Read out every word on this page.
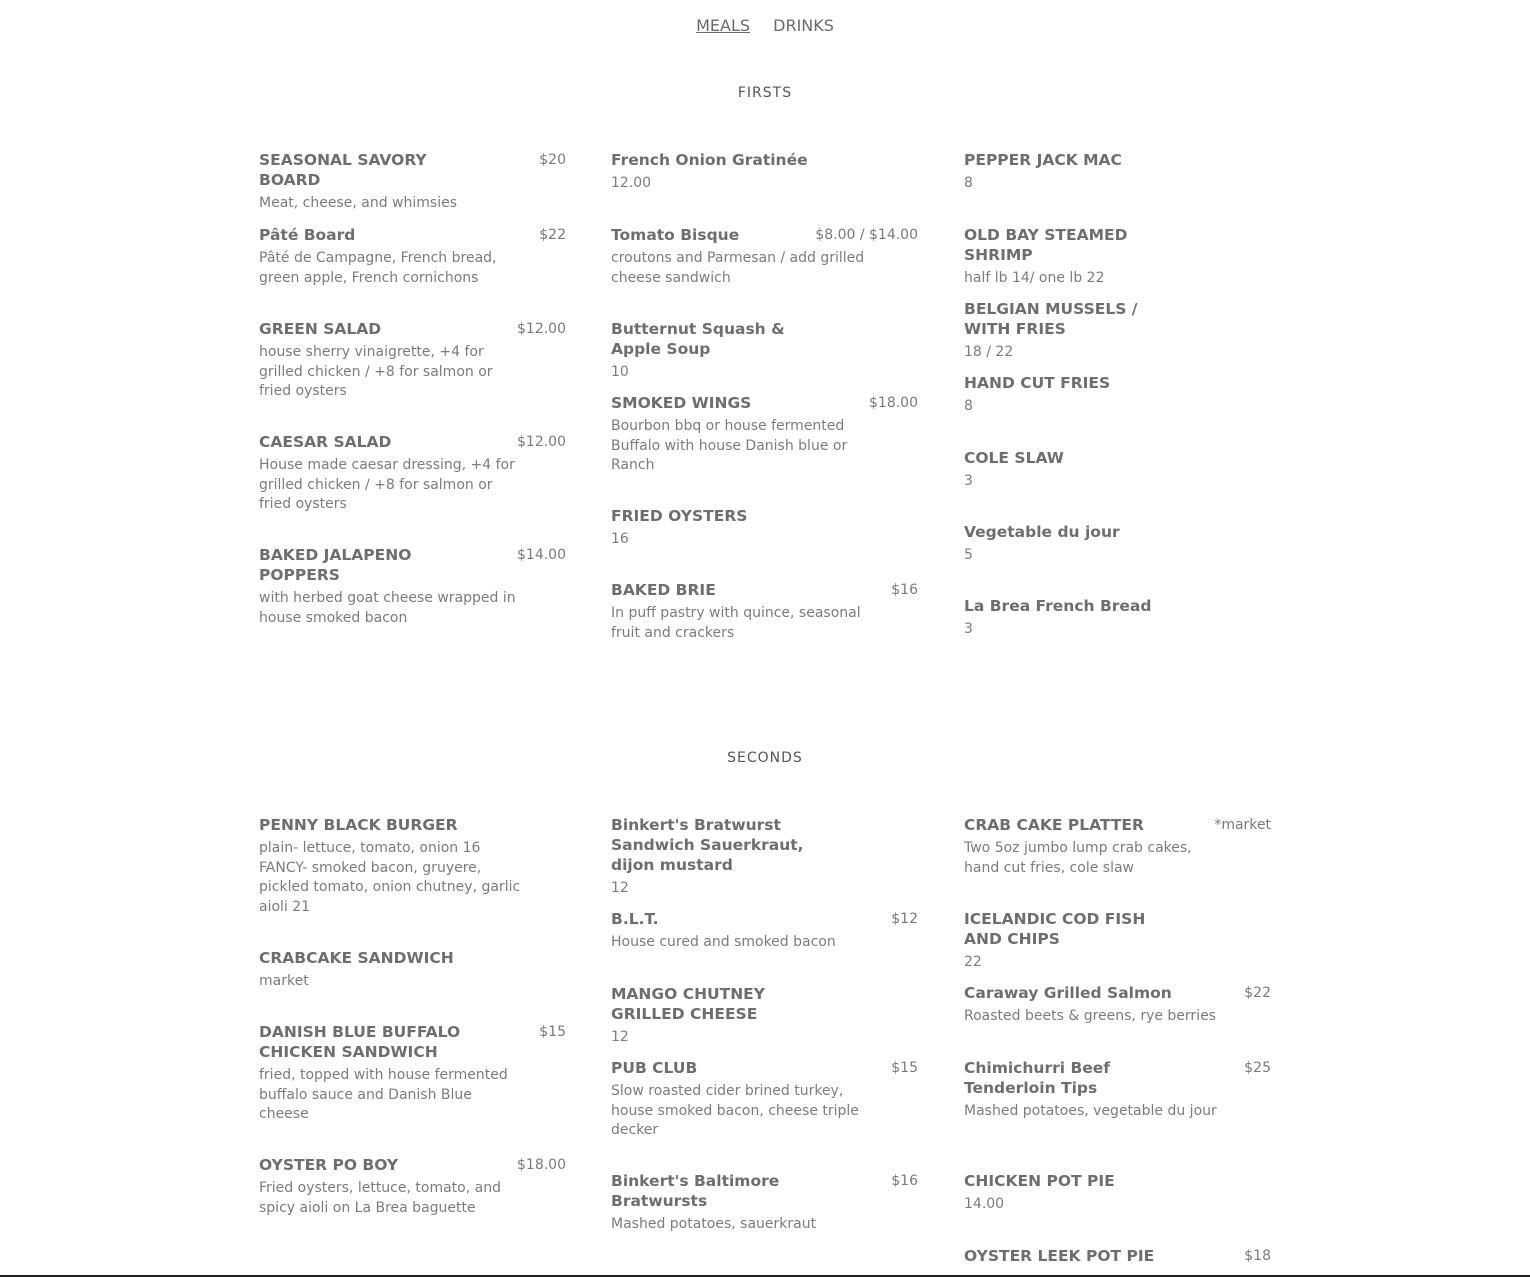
MEALS DRINKS
FIRSTS
SEASONAL SAVORY BOARD
$20
Meat, cheese, and whimsies
Pâté Board	$22
Pâté de Campagne, French bread, green apple, French cornichons
GREEN SALAD	$12.00
house sherry vinaigrette, +4 for grilled chicken / +8 for salmon or fried oysters
CAESAR SALAD	$12.00
House made caesar dressing, +4 for grilled chicken / +8 for salmon or fried oysters
BAKED JALAPENO POPPERS
$14.00
with herbed goat cheese wrapped in house smoked bacon
French Onion Gratinée
12.00
Tomato Bisque	$8.00 / $14.00
croutons and Parmesan / add grilled cheese sandwich
Butternut Squash & Apple Soup
10
SMOKED WINGS	$18.00
Bourbon bbq or house fermented Buffalo with house Danish blue or Ranch
FRIED OYSTERS
16
BAKED BRIE	$16
In puff pastry with quince, seasonal fruit and crackers
PEPPER JACK MAC
8
OLD BAY STEAMED SHRIMP
half lb 14/ one lb 22
BELGIAN MUSSELS / WITH FRIES
18 / 22
HAND CUT FRIES
8
COLE SLAW
3
Vegetable du jour
5
La Brea French Bread
3
SECONDS
PENNY BLACK BURGER
plain- lettuce, tomato, onion 16 FANCY- smoked bacon, gruyere, pickled tomato, onion chutney, garlic aioli 21
CRABCAKE SANDWICH
market
DANISH BLUE BUFFALO CHICKEN SANDWICH
$15
fried, topped with house fermented buffalo sauce and Danish Blue cheese
OYSTER PO BOY	$18.00
Fried oysters, lettuce, tomato, and spicy aioli on La Brea baguette
Binkert's Bratwurst Sandwich Sauerkraut, dijon mustard
12
B.L.T.	$12
House cured and smoked bacon
MANGO CHUTNEY GRILLED CHEESE
12
PUB CLUB	$15
Slow roasted cider brined turkey, house smoked bacon, cheese triple decker
Binkert's Baltimore Bratwursts
$16
Mashed potatoes, sauerkraut
CRAB CAKE PLATTER	*market
Two 5oz jumbo lump crab cakes, hand cut fries, cole slaw
ICELANDIC COD FISH AND CHIPS
22
Caraway Grilled Salmon	$22
Roasted beets & greens, rye berries
Chimichurri Beef Tenderloin Tips
$25
Mashed potatoes, vegetable du jour
CHICKEN POT PIE
14.00
OYSTER LEEK POT PIE	$18
